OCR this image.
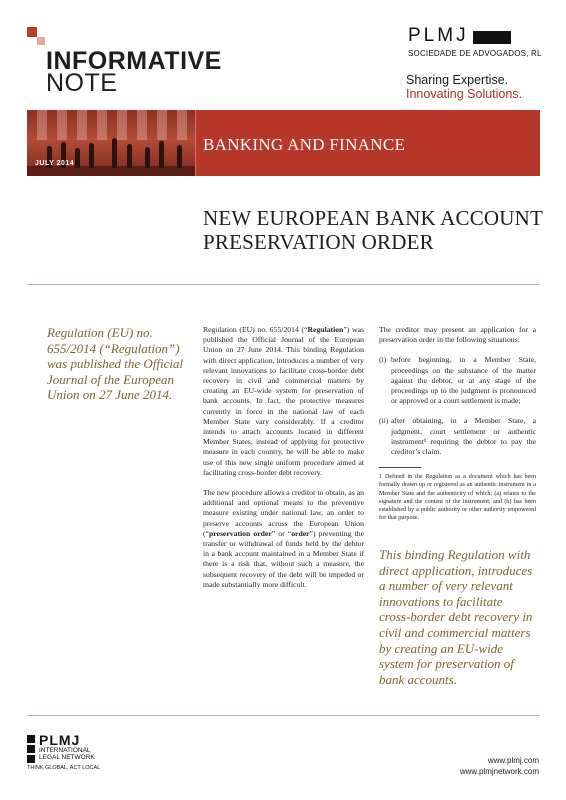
INFORMATIVE
NOTE
PLMJ
SOCIEDADE DE ADVOGADOS, RL
Sharing Expertise.
Innovating Solutions.
JULY 2014
BANKING AND FINANCE
NEW EUROPEAN BANK ACCOUNT
PRESERVATION ORDER
Regulation (EU) no. 655/2014 (“Regulation”) was published the Official Journal of the European Union on 27 June 2014.

Regulation (EU) no. 655/2014 (“Regulation”) was published the Official Journal of the European Union on 27 June 2014. This binding Regulation with direct application, introduces a number of very relevant innovations to facilitate cross-border debt recovery in civil and commercial matters by creating an EU-wide system for preservation of bank accounts. In fact, the protective measures currently in force in the national law of each Member State vary considerably. If a creditor intends to attach accounts located in different Member States, instead of applying for protective measure in each country, he will be able to make use of this new single uniform procedure aimed at facilitating cross-border debt recovery.

The new procedure allows a creditor to obtain, as an additional and optional means to the preventive measure existing under national law, an order to preserve accounts across the European Union (“preservation order” or “order”) preventing the transfer or withdrawal of funds held by the debtor in a bank account maintained in a Member State if there is a risk that, without such a measure, the subsequent recovery of the debt will be impeded or made substantially more difficult.

The creditor may present an application for a preservation order in the following situations:

(i) before beginning, in a Member State, proceedings on the substance of the matter against the debtor, or at any stage of the proceedings up to the judgment is pronounced or approved or a court settlement is made;

(ii) after obtaining, in a Member State, a judgment, court settlement or authentic instrument¹ requiring the debtor to pay the creditor’s claim.

1 Defined in the Regulation as a document which has been formally drawn up or registered as an authentic instrument in a Member State and the authenticity of which: (a) relates to the signature and the content of the instrument; and (b) has been established by a public authority or other authority empowered for that purpose.
This binding Regulation with direct application, introduces a number of very relevant innovations to facilitate cross-border debt recovery in civil and commercial matters by creating an EU-wide system for preservation of bank accounts.
PLMJ
INTERNATIONAL
LEGAL NETWORK
THINK GLOBAL, ACT LOCAL
www.plmj.com
www.plmjnetwork.com
